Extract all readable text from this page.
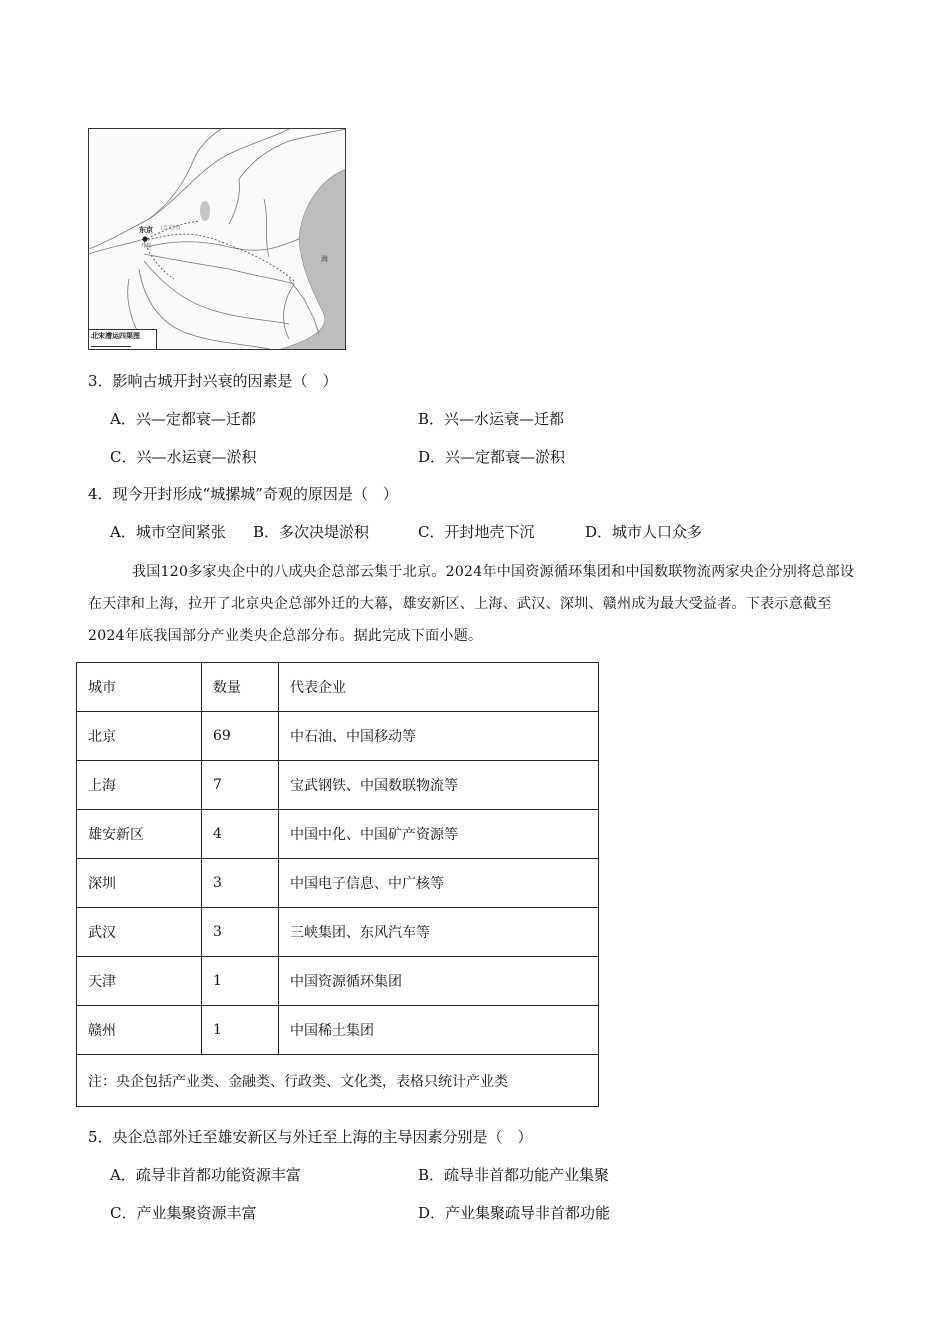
东京
开封
(五丈河)
海
北宋漕运四渠图
3．影响古城开封兴衰的因素是（　）
A．兴—定都衰—迁都	B．兴—水运衰—迁都
C．兴—水运衰—淤积	D．兴—定都衰—淤积
4．现今开封形成“城摞城”奇观的原因是（　）
A．城市空间紧张 B．多次决堤淤积	C．开封地壳下沉	D．城市人口众多

我国120多家央企中的八成央企总部云集于北京。2024年中国资源循环集团和中国数联物流两家央企分别将总部设在天津和上海，拉开了北京央企总部外迁的大幕，雄安新区、上海、武汉、深圳、赣州成为最大受益者。下表示意截至2024年底我国部分产业类央企总部分布。据此完成下面小题。

城市	数量	代表企业
北京	69	中石油、中国移动等
上海	7	宝武钢铁、中国数联物流等
雄安新区	4	中国中化、中国矿产资源等
深圳	3	中国电子信息、中广核等
武汉	3	三峡集团、东风汽车等
天津	1	中国资源循环集团
赣州	1	中国稀土集团
注：央企包括产业类、金融类、行政类、文化类，表格只统计产业类		
5．央企总部外迁至雄安新区与外迁至上海的主导因素分别是（　）
A．疏导非首都功能资源丰富	B．疏导非首都功能产业集聚
C．产业集聚资源丰富	D．产业集聚疏导非首都功能
